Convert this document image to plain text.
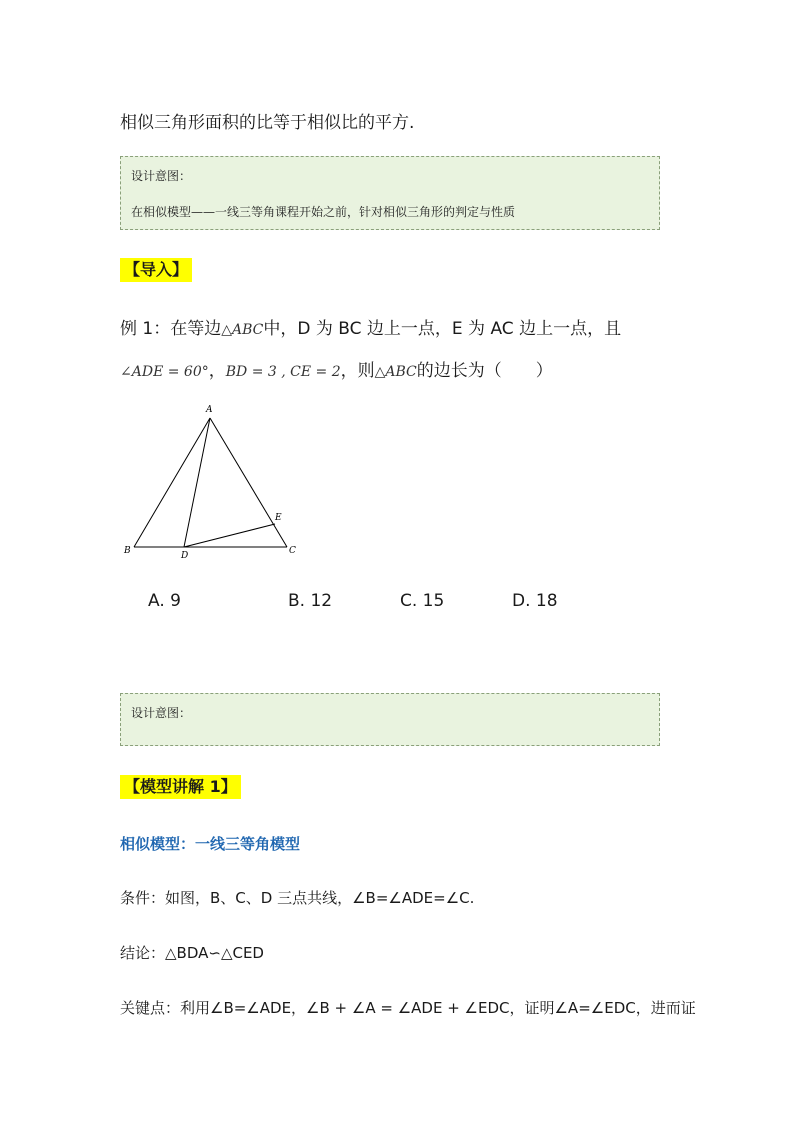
相似三角形面积的比等于相似比的平方.
设计意图：
在相似模型——一线三等角课程开始之前，针对相似三角形的判定与性质
【导入】
例 1：在等边△ABC中，D 为 BC 边上一点，E 为 AC 边上一点，且
∠ADE = 60°，BD = 3 , CE = 2，则△ABC的边长为（　　）
A
B	C
D
E
A. 9	B. 12	C. 15	D. 18
设计意图：
【模型讲解 1】
相似模型：一线三等角模型
条件：如图，B、C、D 三点共线，∠B=∠ADE=∠C.
结论：△BDA∽△CED
关键点：利用∠B=∠ADE，∠B + ∠A = ∠ADE + ∠EDC，证明∠A=∠EDC，进而证
